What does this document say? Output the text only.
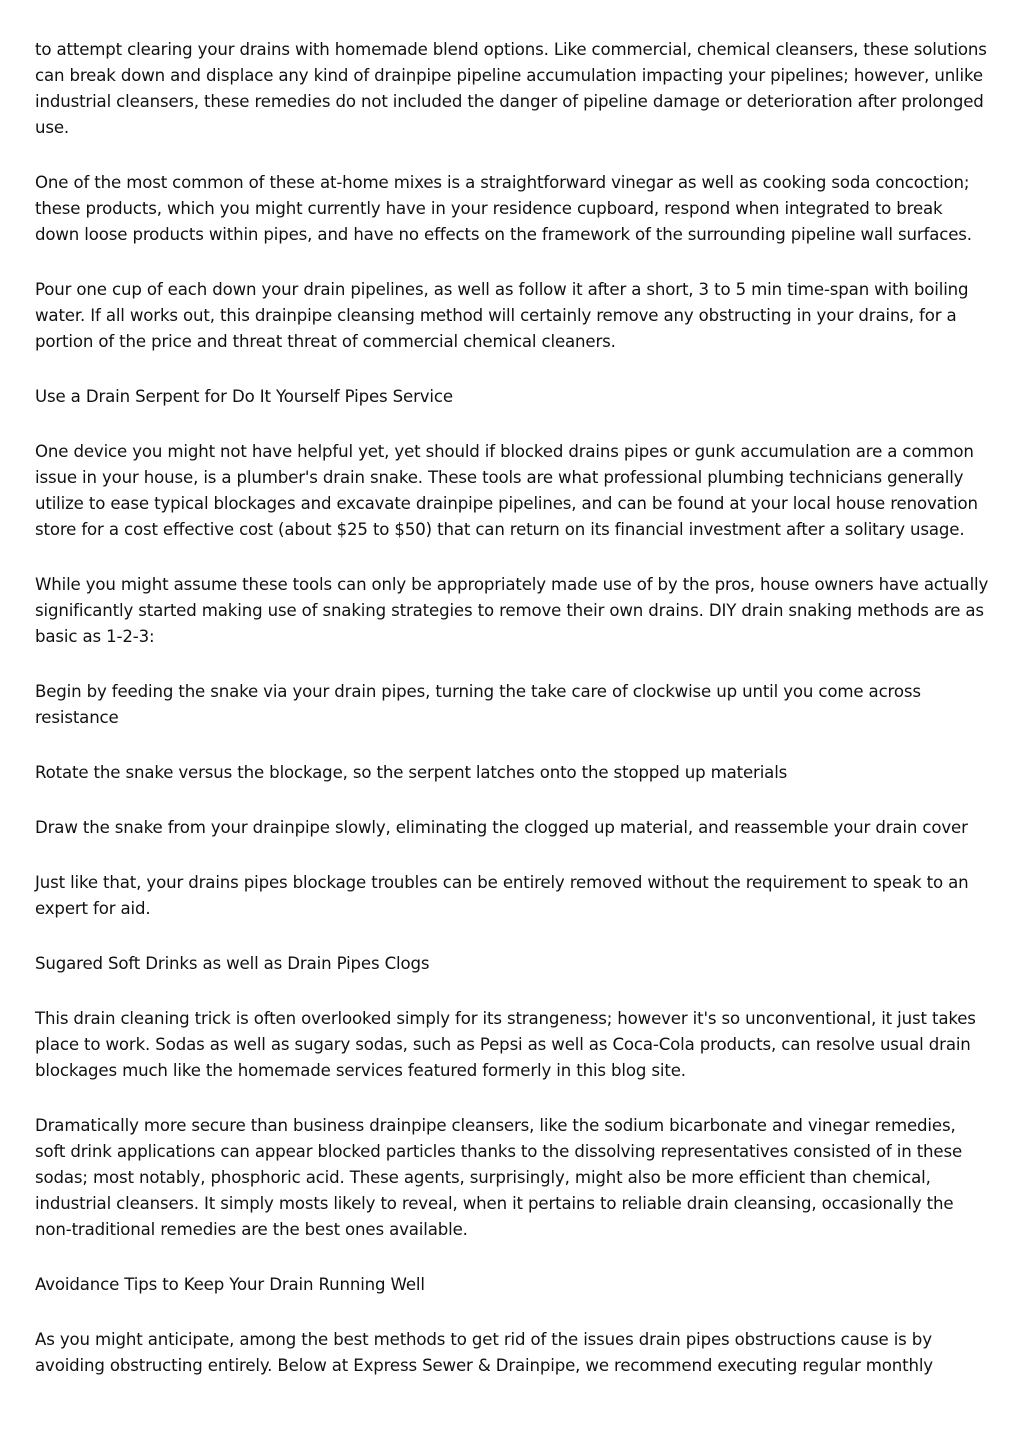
to attempt clearing your drains with homemade blend options. Like commercial, chemical cleansers, these solutions can break down and displace any kind of drainpipe pipeline accumulation impacting your pipelines; however, unlike industrial cleansers, these remedies do not included the danger of pipeline damage or deterioration after prolonged use.

One of the most common of these at-home mixes is a straightforward vinegar as well as cooking soda concoction; these products, which you might currently have in your residence cupboard, respond when integrated to break down loose products within pipes, and have no effects on the framework of the surrounding pipeline wall surfaces.

Pour one cup of each down your drain pipelines, as well as follow it after a short, 3 to 5 min time-span with boiling water. If all works out, this drainpipe cleansing method will certainly remove any obstructing in your drains, for a portion of the price and threat threat of commercial chemical cleaners.

Use a Drain Serpent for Do It Yourself Pipes Service

One device you might not have helpful yet, yet should if blocked drains pipes or gunk accumulation are a common issue in your house, is a plumber's drain snake. These tools are what professional plumbing technicians generally utilize to ease typical blockages and excavate drainpipe pipelines, and can be found at your local house renovation store for a cost effective cost (about $25 to $50) that can return on its financial investment after a solitary usage.

While you might assume these tools can only be appropriately made use of by the pros, house owners have actually significantly started making use of snaking strategies to remove their own drains. DIY drain snaking methods are as basic as 1-2-3:

Begin by feeding the snake via your drain pipes, turning the take care of clockwise up until you come across resistance

Rotate the snake versus the blockage, so the serpent latches onto the stopped up materials

Draw the snake from your drainpipe slowly, eliminating the clogged up material, and reassemble your drain cover

Just like that, your drains pipes blockage troubles can be entirely removed without the requirement to speak to an expert for aid.

Sugared Soft Drinks as well as Drain Pipes Clogs

This drain cleaning trick is often overlooked simply for its strangeness; however it's so unconventional, it just takes place to work. Sodas as well as sugary sodas, such as Pepsi as well as Coca-Cola products, can resolve usual drain blockages much like the homemade services featured formerly in this blog site.

Dramatically more secure than business drainpipe cleansers, like the sodium bicarbonate and vinegar remedies, soft drink applications can appear blocked particles thanks to the dissolving representatives consisted of in these sodas; most notably, phosphoric acid. These agents, surprisingly, might also be more efficient than chemical, industrial cleansers. It simply mosts likely to reveal, when it pertains to reliable drain cleansing, occasionally the non-traditional remedies are the best ones available.

Avoidance Tips to Keep Your Drain Running Well

As you might anticipate, among the best methods to get rid of the issues drain pipes obstructions cause is by avoiding obstructing entirely. Below at Express Sewer & Drainpipe, we recommend executing regular monthly
